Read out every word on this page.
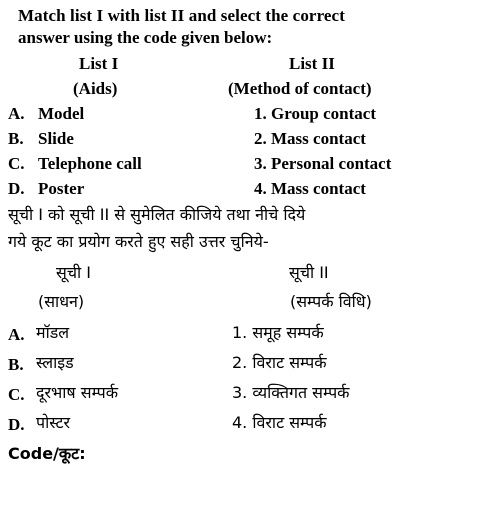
Match list I with list II and select the correct
answer using the code given below:
List I	List II
(Aids)	(Method of contact)
A. Model	1. Group contact
B. Slide	2. Mass contact
C. Telephone call	3. Personal contact
D. Poster	4. Mass contact
सूची I को सूची II से सुमेलित कीजिये तथा नीचे दिये
गये कूट का प्रयोग करते हुए सही उत्तर चुनिये-
सूची I	सूची II
(साधन)	(सम्पर्क विधि)
A. मॉडल	1. समूह सम्पर्क
B. स्लाइड	2. विराट सम्पर्क
C. दूरभाष सम्पर्क	3. व्यक्तिगत सम्पर्क
D. पोस्टर	4. विराट सम्पर्क
Code/कूट:
